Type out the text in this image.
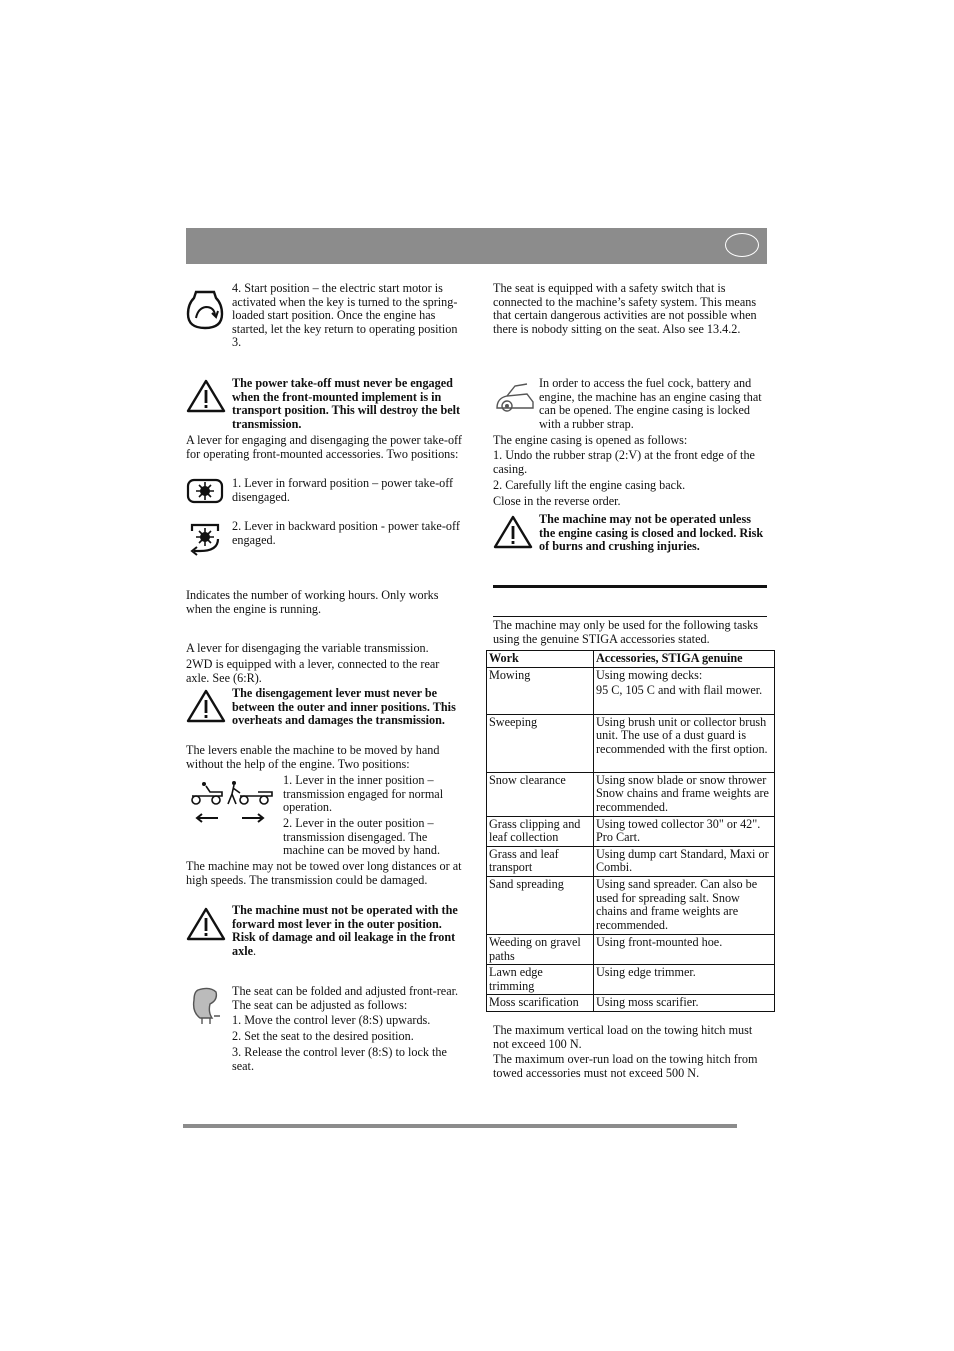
4. Start position – the electric start motor is activated when the key is turned to the spring-loaded start position. Once the engine has started, let the key return to operating position 3.
The power take-off must never be engaged when the front-mounted implement is in transport position. This will destroy the belt transmission.
A lever for engaging and disengaging the power take-off for operating front-mounted accessories. Two positions:
1. Lever in forward position – power take-off disengaged.
2. Lever in backward position - power take-off engaged.
Indicates the number of working hours. Only works when the engine is running.
A lever for disengaging the variable transmission.
2WD is equipped with a lever, connected to the rear axle. See (6:R).
The disengagement lever must never be between the outer and inner positions. This overheats and damages the transmission.
The levers enable the machine to be moved by hand without the help of the engine. Two positions:
1. Lever in the inner position – transmission engaged for normal operation.
2. Lever in the outer position – transmission disengaged. The machine can be moved by hand.
The machine may not be towed over long distances or at high speeds. The transmission could be damaged.
The machine must not be operated with the forward most lever in the outer position. Risk of damage and oil leakage in the front axle.
The seat can be folded and adjusted front-rear. The seat can be adjusted as follows:
1. Move the control lever (8:S) upwards.
2. Set the seat to the desired position.
3. Release the control lever (8:S) to lock the seat.
The seat is equipped with a safety switch that is connected to the machine’s safety system. This means that certain dangerous activities are not possible when there is nobody sitting on the seat. Also see 13.4.2.
In order to access the fuel cock, battery and engine, the machine has an engine casing that can be opened. The engine casing is locked with a rubber strap.
The engine casing is opened as follows:
1. Undo the rubber strap (2:V) at the front edge of the casing.
2. Carefully lift the engine casing back.
Close in the reverse order.
The machine may not be operated unless the engine casing is closed and locked. Risk of burns and crushing injuries.
The machine may only be used for the following tasks using the genuine STIGA accessories stated.
Work	Accessories, STIGA genuine
Mowing	Using mowing decks:

95 C, 105 C and with flail mower.

Sweeping	Using brush unit or collector brush unit. The use of a dust guard is recommended with the first option.
Snow clearance	Using snow blade or snow thrower Snow chains and frame weights are recommended.
Grass clipping and leaf collection	Using towed collector 30" or 42". Pro Cart.
Grass and leaf transport	Using dump cart Standard, Maxi or Combi.
Sand spreading	Using sand spreader. Can also be used for spreading salt. Snow chains and frame weights are recommended.
Weeding on gravel paths	Using front-mounted hoe.
Lawn edge trimming	Using edge trimmer.
Moss scarification	Using moss scarifier.
The maximum vertical load on the towing hitch must not exceed 100 N.
The maximum over-run load on the towing hitch from towed accessories must not exceed 500 N.
